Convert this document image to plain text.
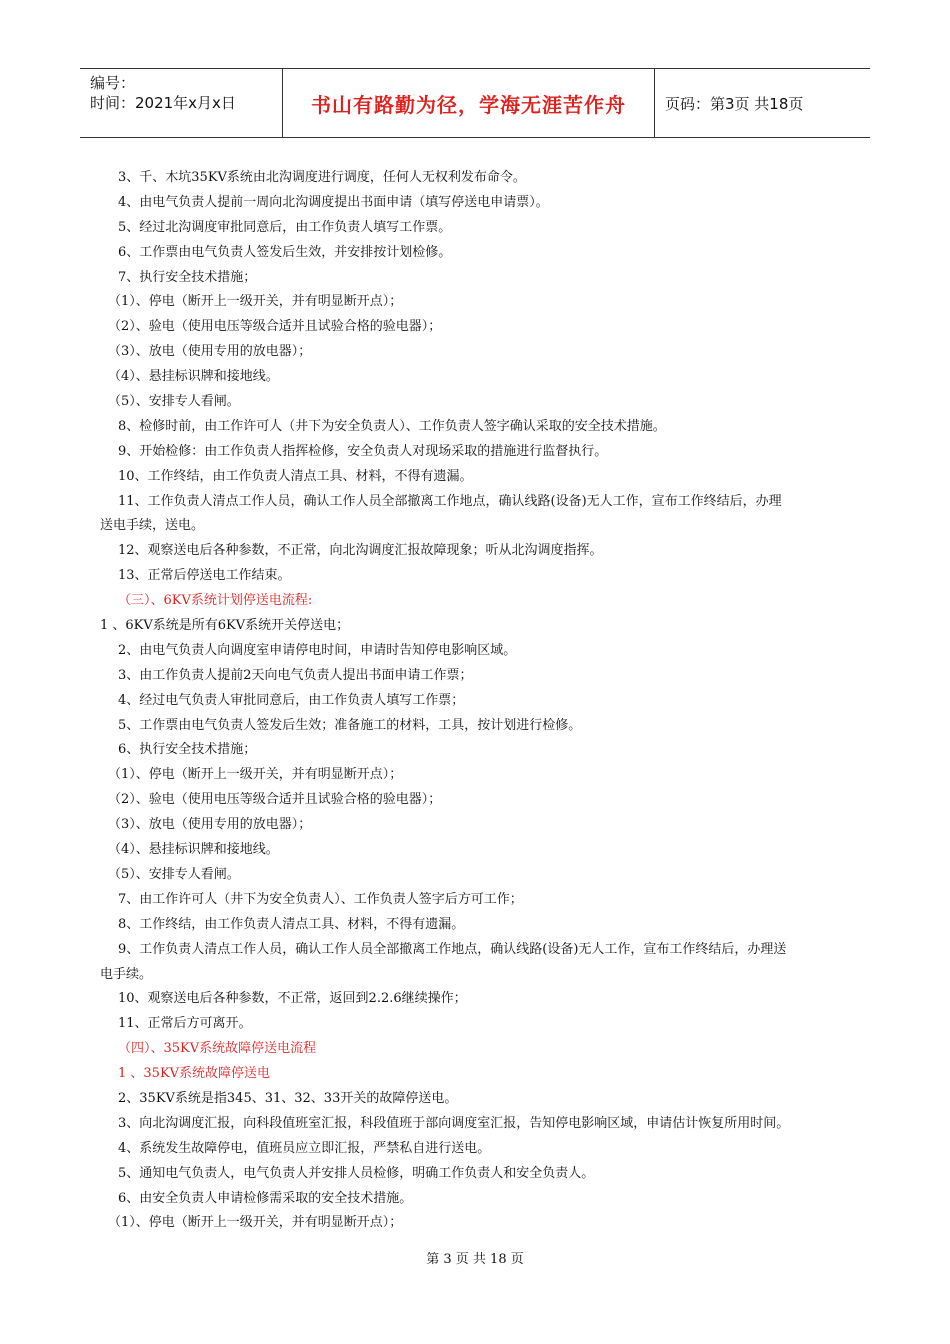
编号：
时间：2021年x月x日	书山有路勤为径，学海无涯苦作舟	页码：第3页 共18页
3、千、木坑35KV系统由北沟调度进行调度，任何人无权利发布命令。
4、由电气负责人提前一周向北沟调度提出书面申请（填写停送电申请票）。
5、经过北沟调度审批同意后，由工作负责人填写工作票。
6、工作票由电气负责人签发后生效，并安排按计划检修。
7、执行安全技术措施；
（1）、停电（断开上一级开关，并有明显断开点）；
（2）、验电（使用电压等级合适并且试验合格的验电器）；
（3）、放电（使用专用的放电器）；
（4）、悬挂标识牌和接地线。
（5）、安排专人看闸。
8、检修时前，由工作许可人（井下为安全负责人）、工作负责人签字确认采取的安全技术措施。
9、开始检修：由工作负责人指挥检修，安全负责人对现场采取的措施进行监督执行。
10、工作终结，由工作负责人清点工具、材料，不得有遗漏。
11、工作负责人清点工作人员，确认工作人员全部撤离工作地点，确认线路(设备)无人工作，宣布工作终结后，办理
送电手续，送电。
12、观察送电后各种参数，不正常，向北沟调度汇报故障现象；听从北沟调度指挥。
13、正常后停送电工作结束。
（三）、6KV系统计划停送电流程:
1 、6KV系统是所有6KV系统开关停送电；
2、由电气负责人向调度室申请停电时间，申请时告知停电影响区域。
3、由工作负责人提前2天向电气负责人提出书面申请工作票；
4、经过电气负责人审批同意后，由工作负责人填写工作票；
5、工作票由电气负责人签发后生效；准备施工的材料，工具，按计划进行检修。
6、执行安全技术措施；
（1）、停电（断开上一级开关，并有明显断开点）；
（2）、验电（使用电压等级合适并且试验合格的验电器）；
（3）、放电（使用专用的放电器）；
（4）、悬挂标识牌和接地线。
（5）、安排专人看闸。
7、由工作许可人（井下为安全负责人）、工作负责人签字后方可工作；
8、工作终结，由工作负责人清点工具、材料，不得有遗漏。
9、工作负责人清点工作人员，确认工作人员全部撤离工作地点，确认线路(设备)无人工作，宣布工作终结后，办理送
电手续。
10、观察送电后各种参数，不正常，返回到2.2.6继续操作；
11、正常后方可离开。
（四）、35KV系统故障停送电流程
1 、35KV系统故障停送电
2、35KV系统是指345、31、32、33开关的故障停送电。
3、向北沟调度汇报，向科段值班室汇报，科段值班于部向调度室汇报，告知停电影响区域，申请估计恢复所用时间。
4、系统发生故障停电，值班员应立即汇报，严禁私自进行送电。
5、通知电气负责人，电气负责人并安排人员检修，明确工作负责人和安全负责人。
6、由安全负责人申请检修需采取的安全技术措施。
（1）、停电（断开上一级开关，并有明显断开点）；
第 3 页 共 18 页
